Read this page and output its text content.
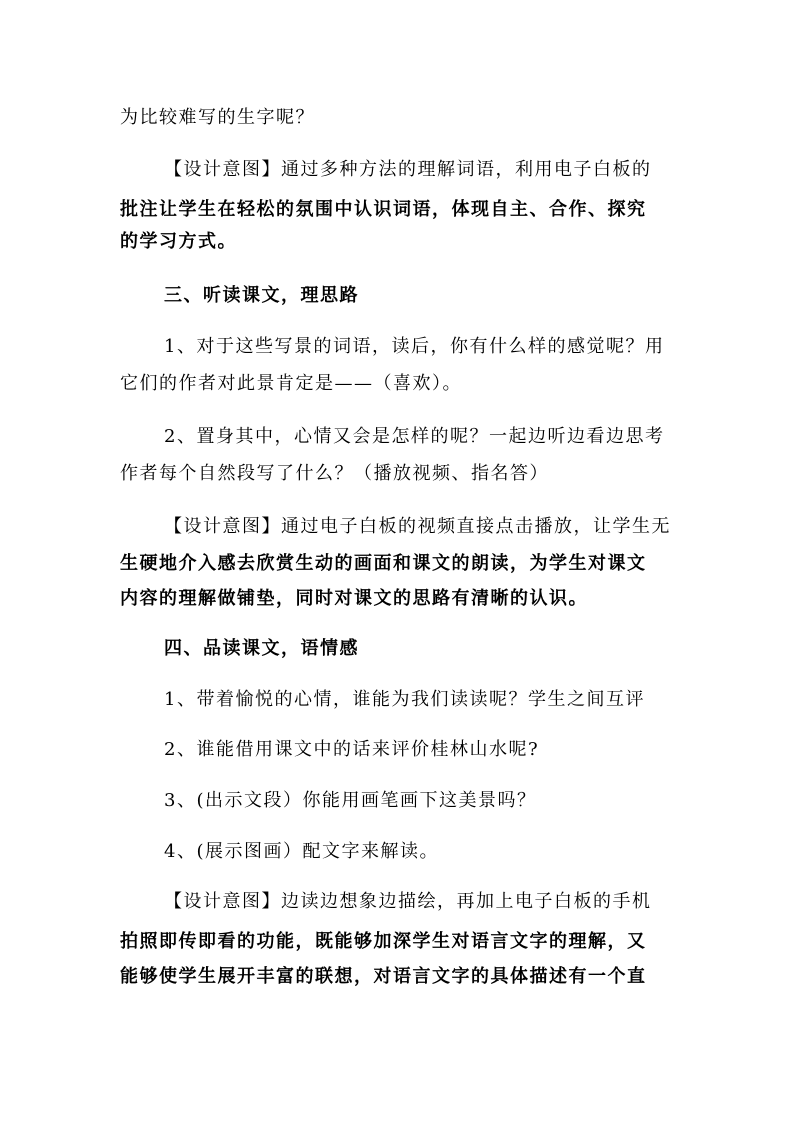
为比较难写的生字呢？
【设计意图】通过多种方法的理解词语，利用电子白板的
批注让学生在轻松的氛围中认识词语，体现自主、合作、探究
的学习方式。
三、听读课文，理思路
1、对于这些写景的词语，读后，你有什么样的感觉呢？用
它们的作者对此景肯定是——（喜欢）。
2、置身其中，心情又会是怎样的呢？一起边听边看边思考
作者每个自然段写了什么？（播放视频、指名答）
【设计意图】通过电子白板的视频直接点击播放，让学生无
生硬地介入感去欣赏生动的画面和课文的朗读，为学生对课文
内容的理解做铺垫，同时对课文的思路有清晰的认识。
四、品读课文，语情感
1、带着愉悦的心情，谁能为我们读读呢？学生之间互评
2、谁能借用课文中的话来评价桂林山水呢?
3、(出示文段）你能用画笔画下这美景吗？
4、(展示图画）配文字来解读。
【设计意图】边读边想象边描绘，再加上电子白板的手机
拍照即传即看的功能，既能够加深学生对语言文字的理解，又
能够使学生展开丰富的联想，对语言文字的具体描述有一个直
